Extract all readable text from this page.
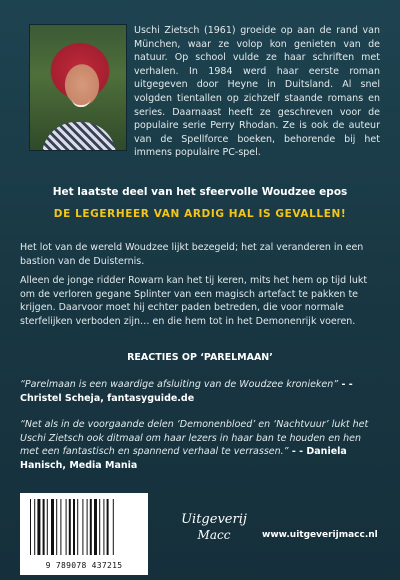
Uschi Zietsch (1961) groeide op aan de rand van München, waar ze volop kon genieten van de natuur. Op school vulde ze haar schriften met verhalen. In 1984 werd haar eerste roman uitgegeven door Heyne in Duitsland. Al snel volgden tientallen op zichzelf staande romans en series. Daarnaast heeft ze geschreven voor de populaire serie Perry Rhodan. Ze is ook de auteur van de Spellforce boeken, behorende bij het immens populaire PC-spel.

Het laatste deel van het sfeervolle Woudzee epos
DE LEGERHEER VAN ARDIG HAL IS GEVALLEN!

Het lot van de wereld Woudzee lijkt bezegeld; het zal veranderen in een bastion van de Duisternis.

Alleen de jonge ridder Rowarn kan het tij keren, mits het hem op tijd lukt om de verloren gegane Splinter van een magisch artefact te pakken te krijgen. Daarvoor moet hij echter paden betreden, die voor normale sterfelijken verboden zijn… en die hem tot in het Demonenrijk voeren.

REACTIES OP ‘PARELMAAN’

“Parelmaan is een waardige afsluiting van de Woudzee kronieken” - - Christel Scheja, fantasyguide.de

“Net als in de voorgaande delen ‘Demonenbloed’ en ‘Nachtvuur’ lukt het Uschi Zietsch ook ditmaal om haar lezers in haar ban te houden en hen met een fantastisch en spannend verhaal te verrassen.” - - Daniela Hanisch, Media Mania

9 789078 437215
Uitgeverij
Macc	www.uitgeverijmacc.nl
